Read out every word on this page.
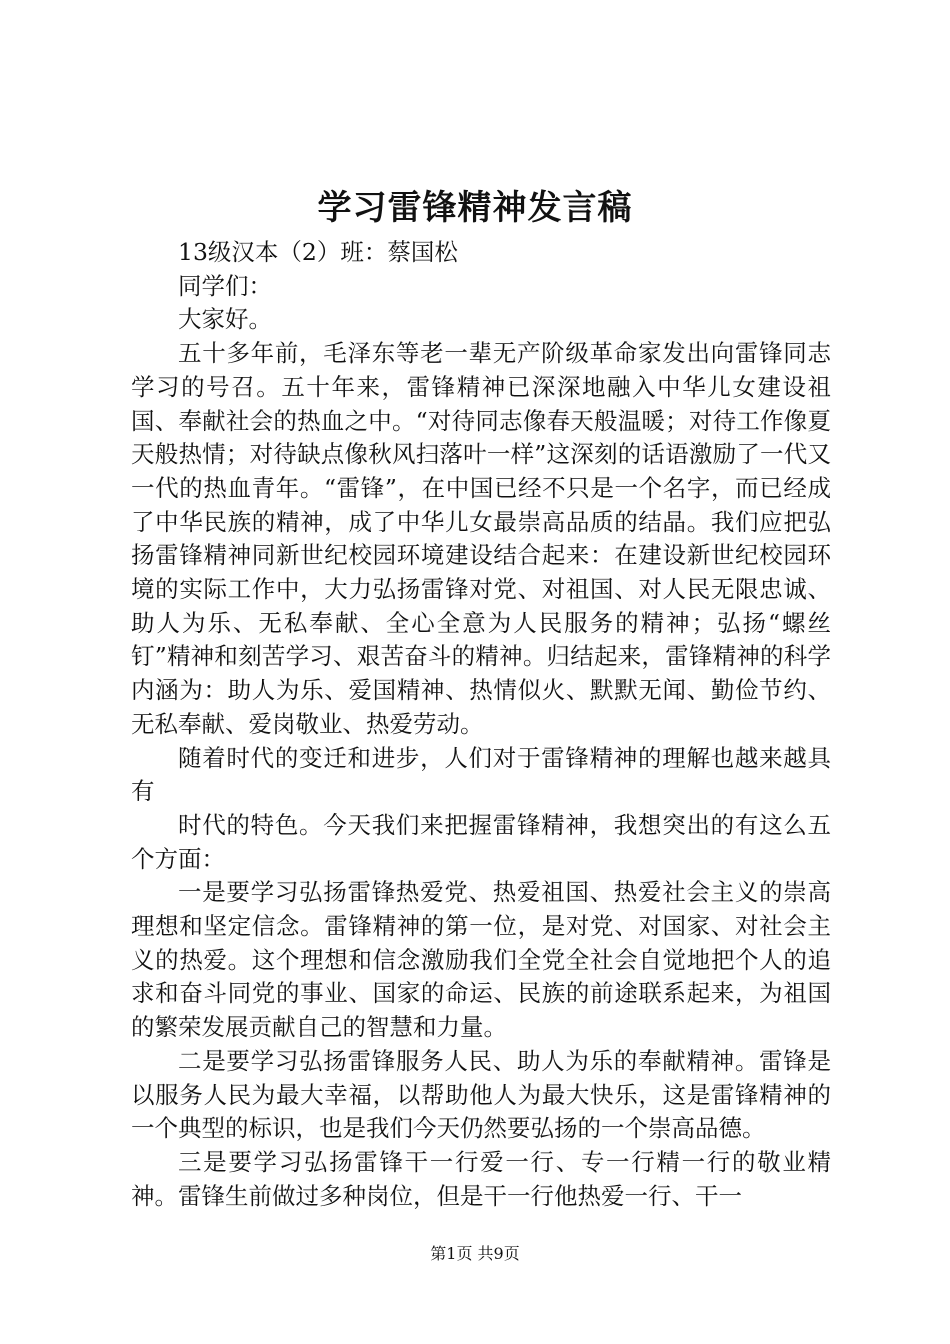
学习雷锋精神发言稿

13级汉本（2）班：蔡国松

同学们：

大家好。

五十多年前，毛泽东等老一辈无产阶级革命家发出向雷锋同志学习的号召。五十年来，雷锋精神已深深地融入中华儿女建设祖国、奉献社会的热血之中。“对待同志像春天般温暖；对待工作像夏天般热情；对待缺点像秋风扫落叶一样”这深刻的话语激励了一代又一代的热血青年。“雷锋”，在中国已经不只是一个名字，而已经成了中华民族的精神，成了中华儿女最崇高品质的结晶。我们应把弘扬雷锋精神同新世纪校园环境建设结合起来：在建设新世纪校园环境的实际工作中，大力弘扬雷锋对党、对祖国、对人民无限忠诚、助人为乐、无私奉献、全心全意为人民服务的精神；弘扬“螺丝钉”精神和刻苦学习、艰苦奋斗的精神。归结起来，雷锋精神的科学内涵为：助人为乐、爱国精神、热情似火、默默无闻、勤俭节约、无私奉献、爱岗敬业、热爱劳动。

随着时代的变迁和进步，人们对于雷锋精神的理解也越来越具有

时代的特色。今天我们来把握雷锋精神，我想突出的有这么五个方面：

一是要学习弘扬雷锋热爱党、热爱祖国、热爱社会主义的崇高理想和坚定信念。雷锋精神的第一位，是对党、对国家、对社会主义的热爱。这个理想和信念激励我们全党全社会自觉地把个人的追求和奋斗同党的事业、国家的命运、民族的前途联系起来，为祖国的繁荣发展贡献自己的智慧和力量。

二是要学习弘扬雷锋服务人民、助人为乐的奉献精神。雷锋是以服务人民为最大幸福，以帮助他人为最大快乐，这是雷锋精神的一个典型的标识，也是我们今天仍然要弘扬的一个崇高品德。

三是要学习弘扬雷锋干一行爱一行、专一行精一行的敬业精神。雷锋生前做过多种岗位，但是干一行他热爱一行、干一

第1页 共9页
